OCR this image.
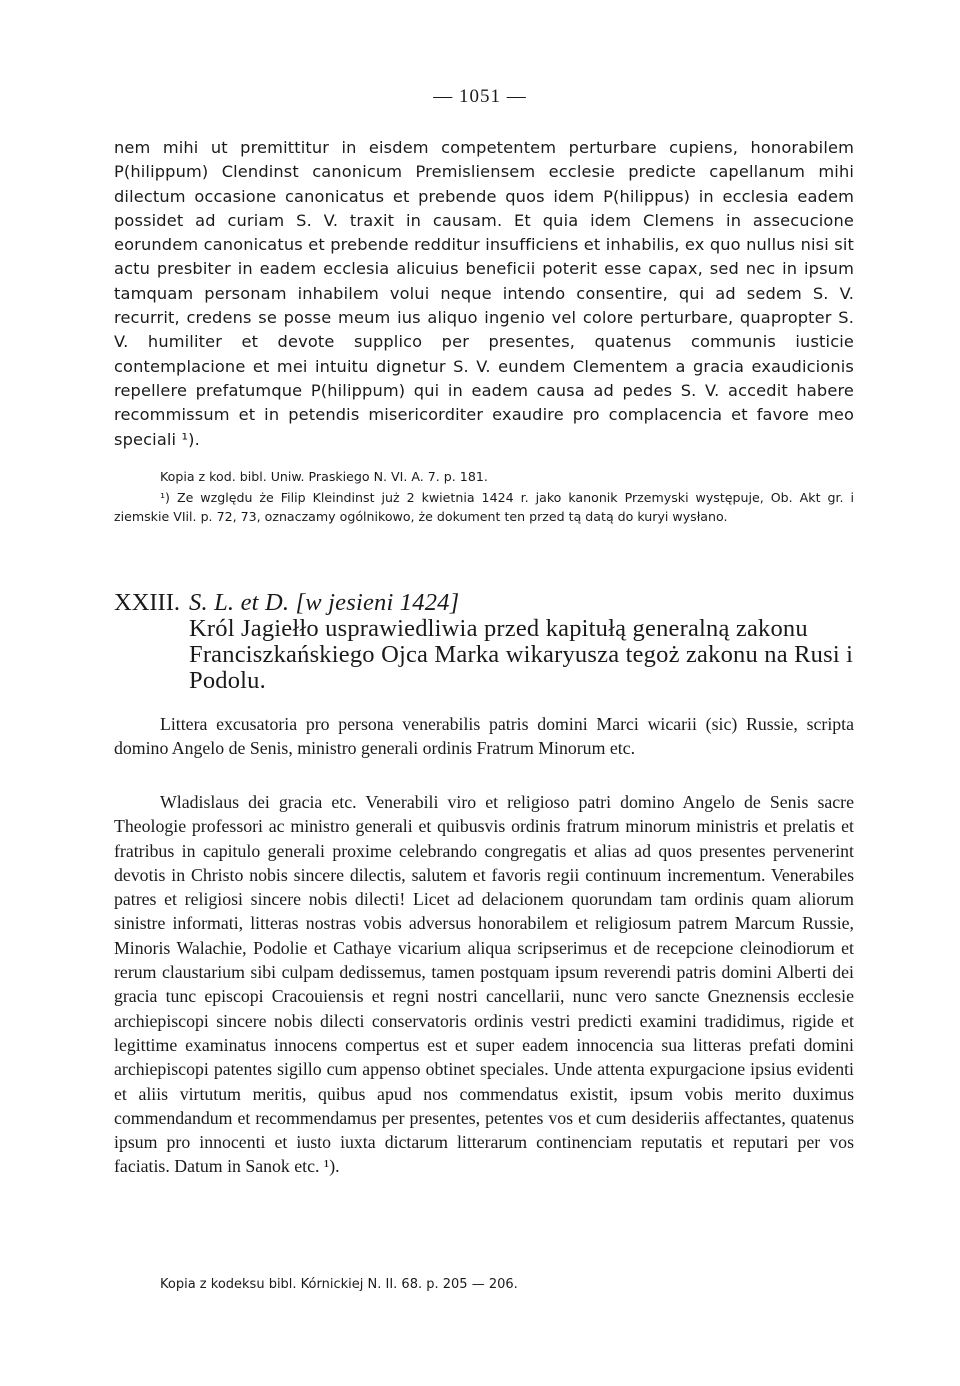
— 1051 —

nem mihi ut premittitur in eisdem competentem perturbare cupiens, honorabilem P(hilippum) Clendinst canonicum Premisliensem ecclesie predicte capellanum mihi dilectum occasione canonicatus et prebende quos idem P(hilippus) in ecclesia eadem possidet ad curiam S. V. traxit in causam. Et quia idem Clemens in assecucione eorundem canonicatus et prebende redditur insufficiens et inhabilis, ex quo nullus nisi sit actu presbiter in eadem ecclesia alicuius beneficii poterit esse capax, sed nec in ipsum tamquam personam inhabilem volui neque intendo consentire, qui ad sedem S. V. recurrit, credens se posse meum ius aliquo ingenio vel colore perturbare, quapropter S. V. humiliter et devote supplico per presentes, quatenus communis iusticie contemplacione et mei intuitu dignetur S. V. eundem Clementem a gracia exaudicionis repellere prefatumque P(hilippum) qui in eadem causa ad pedes S. V. accedit habere recommissum et in petendis misericorditer exaudire pro complacencia et favore meo speciali ¹).

Kopia z kod. bibl. Uniw. Praskiego N. VI. A. 7. p. 181.

¹) Ze względu że Filip Kleindinst już 2 kwietnia 1424 r. jako kanonik Przemyski występuje, Ob. Akt gr. i ziemskie VIil. p. 72, 73, oznaczamy ogólnikowo, że dokument ten przed tą datą do kuryi wysłano.

XXIII. S. L. et D. [w jesieni 1424]

Król Jagiełło usprawiedliwia przed kapitułą generalną zakonu Franciszkańskiego Ojca Marka wikaryusza tegoż zakonu na Rusi i Podolu.

Littera excusatoria pro persona venerabilis patris domini Marci wicarii (sic) Russie, scripta domino Angelo de Senis, ministro generali ordinis Fratrum Minorum etc.

Wladislaus dei gracia etc. Venerabili viro et religioso patri domino Angelo de Senis sacre Theologie professori ac ministro generali et quibusvis ordinis fratrum minorum ministris et prelatis et fratribus in capitulo generali proxime celebrando congregatis et alias ad quos presentes pervenerint devotis in Christo nobis sincere dilectis, salutem et favoris regii continuum incrementum. Venerabiles patres et religiosi sincere nobis dilecti! Licet ad delacionem quorundam tam ordinis quam aliorum sinistre informati, litteras nostras vobis adversus honorabilem et religiosum patrem Marcum Russie, Minoris Walachie, Podolie et Cathaye vicarium aliqua scripserimus et de recepcione cleinodiorum et rerum claustarium sibi culpam dedissemus, tamen postquam ipsum reverendi patris domini Alberti dei gracia tunc episcopi Cracouiensis et regni nostri cancellarii, nunc vero sancte Gneznensis ecclesie archiepiscopi sincere nobis dilecti conservatoris ordinis vestri predicti examini tradidimus, rigide et legittime examinatus innocens compertus est et super eadem innocencia sua litteras prefati domini archiepiscopi patentes sigillo cum appenso obtinet speciales. Unde attenta expurgacione ipsius evidenti et aliis virtutum meritis, quibus apud nos commendatus existit, ipsum vobis merito duximus commendandum et recommendamus per presentes, petentes vos et cum desideriis affectantes, quatenus ipsum pro innocenti et iusto iuxta dictarum litterarum continenciam reputatis et reputari per vos faciatis. Datum in Sanok etc. ¹).

Kopia z kodeksu bibl. Kórnickiej N. II. 68. p. 205 — 206.
